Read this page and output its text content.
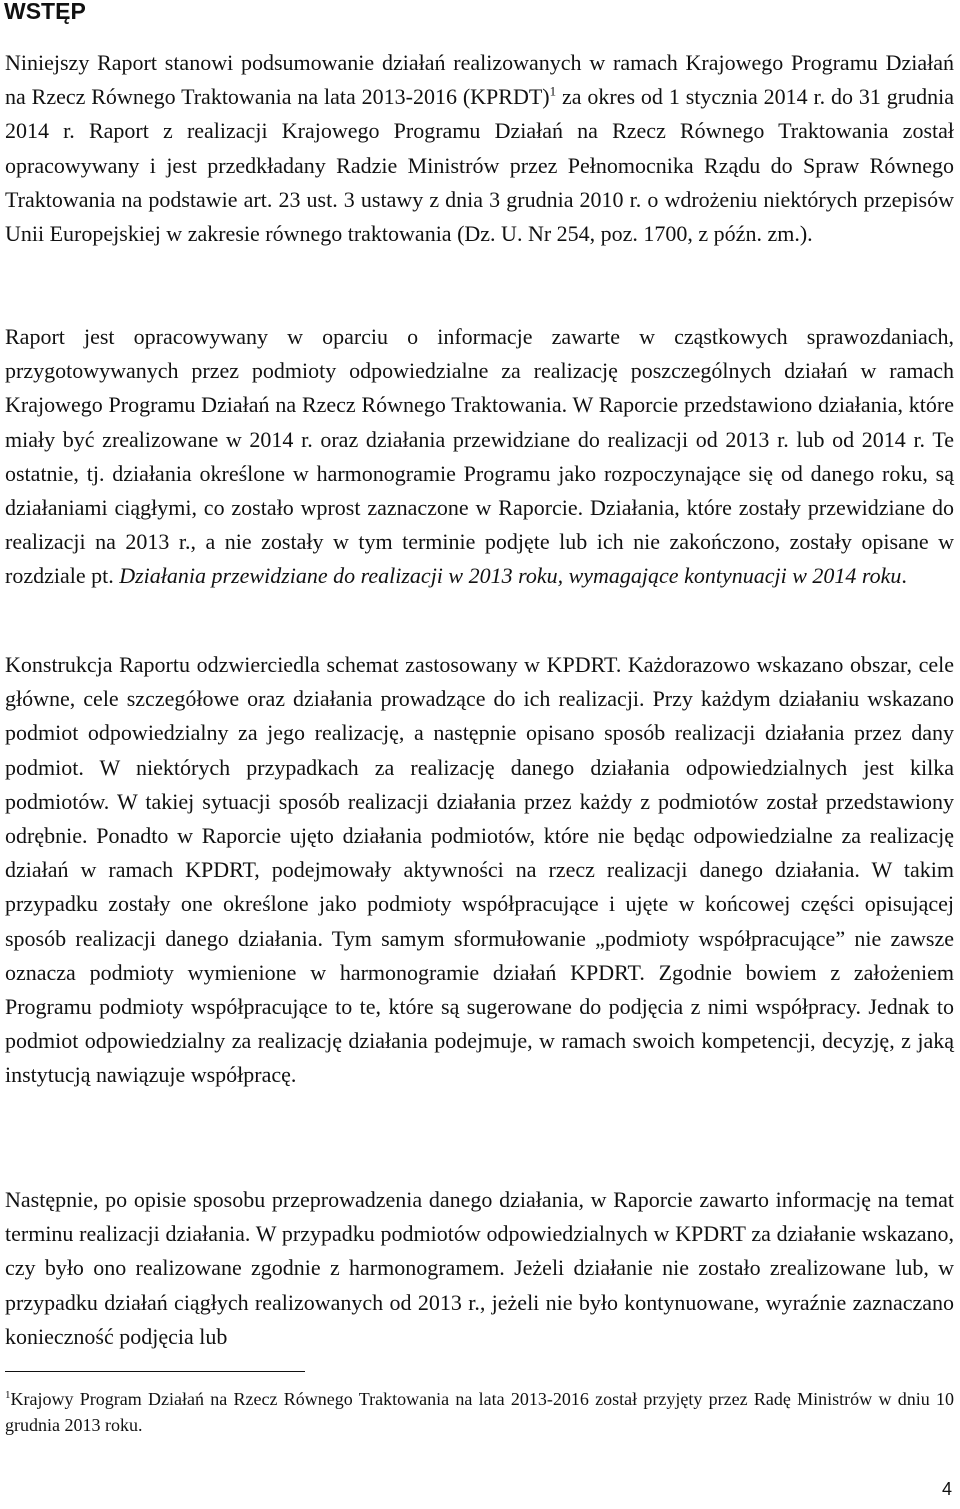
WSTĘP

Niniejszy Raport stanowi podsumowanie działań realizowanych w ramach Krajowego Programu Działań na Rzecz Równego Traktowania na lata 2013-2016 (KPRDT)$^1$ za okres od 1 stycznia 2014 r. do 31 grudnia 2014 r. Raport z realizacji Krajowego Programu Działań na Rzecz Równego Traktowania został opracowywany i jest przedkładany Radzie Ministrów przez Pełnomocnika Rządu do Spraw Równego Traktowania na podstawie art. 23 ust. 3 ustawy z dnia 3 grudnia 2010 r. o wdrożeniu niektórych przepisów Unii Europejskiej w zakresie równego traktowania (Dz. U. Nr 254, poz. 1700, z późn. zm.).

Raport jest opracowywany w oparciu o informacje zawarte w cząstkowych sprawozdaniach, przygotowywanych przez podmioty odpowiedzialne za realizację poszczególnych działań w ramach Krajowego Programu Działań na Rzecz Równego Traktowania. W Raporcie przedstawiono działania, które miały być zrealizowane w 2014 r. oraz działania przewidziane do realizacji od 2013 r. lub od 2014 r. Te ostatnie, tj. działania określone w harmonogramie Programu jako rozpoczynające się od danego roku, są działaniami ciągłymi, co zostało wprost zaznaczone w Raporcie. Działania, które zostały przewidziane do realizacji na 2013 r., a nie zostały w tym terminie podjęte lub ich nie zakończono, zostały opisane w rozdziale pt. Działania przewidziane do realizacji w 2013 roku, wymagające kontynuacji w 2014 roku.

Konstrukcja Raportu odzwierciedla schemat zastosowany w KPDRT. Każdorazowo wskazano obszar, cele główne, cele szczegółowe oraz działania prowadzące do ich realizacji. Przy każdym działaniu wskazano podmiot odpowiedzialny za jego realizację, a następnie opisano sposób realizacji działania przez dany podmiot. W niektórych przypadkach za realizację danego działania odpowiedzialnych jest kilka podmiotów. W takiej sytuacji sposób realizacji działania przez każdy z podmiotów został przedstawiony odrębnie. Ponadto w Raporcie ujęto działania podmiotów, które nie będąc odpowiedzialne za realizację działań w ramach KPDRT, podejmowały aktywności na rzecz realizacji danego działania. W takim przypadku zostały one określone jako podmioty współpracujące i ujęte w końcowej części opisującej sposób realizacji danego działania. Tym samym sformułowanie „podmioty współpracujące” nie zawsze oznacza podmioty wymienione w harmonogramie działań KPDRT. Zgodnie bowiem z założeniem Programu podmioty współpracujące to te, które są sugerowane do podjęcia z nimi współpracy. Jednak to podmiot odpowiedzialny za realizację działania podejmuje, w ramach swoich kompetencji, decyzję, z jaką instytucją nawiązuje współpracę.

Następnie, po opisie sposobu przeprowadzenia danego działania, w Raporcie zawarto informację na temat terminu realizacji działania. W przypadku podmiotów odpowiedzialnych w KPDRT za działanie wskazano, czy było ono realizowane zgodnie z harmonogramem. Jeżeli działanie nie zostało zrealizowane lub, w przypadku działań ciągłych realizowanych od 2013 r., jeżeli nie było kontynuowane, wyraźnie zaznaczano konieczność podjęcia lub

$^1$Krajowy Program Działań na Rzecz Równego Traktowania na lata 2013-2016 został przyjęty przez Radę Ministrów w dniu 10 grudnia 2013 roku.

4
